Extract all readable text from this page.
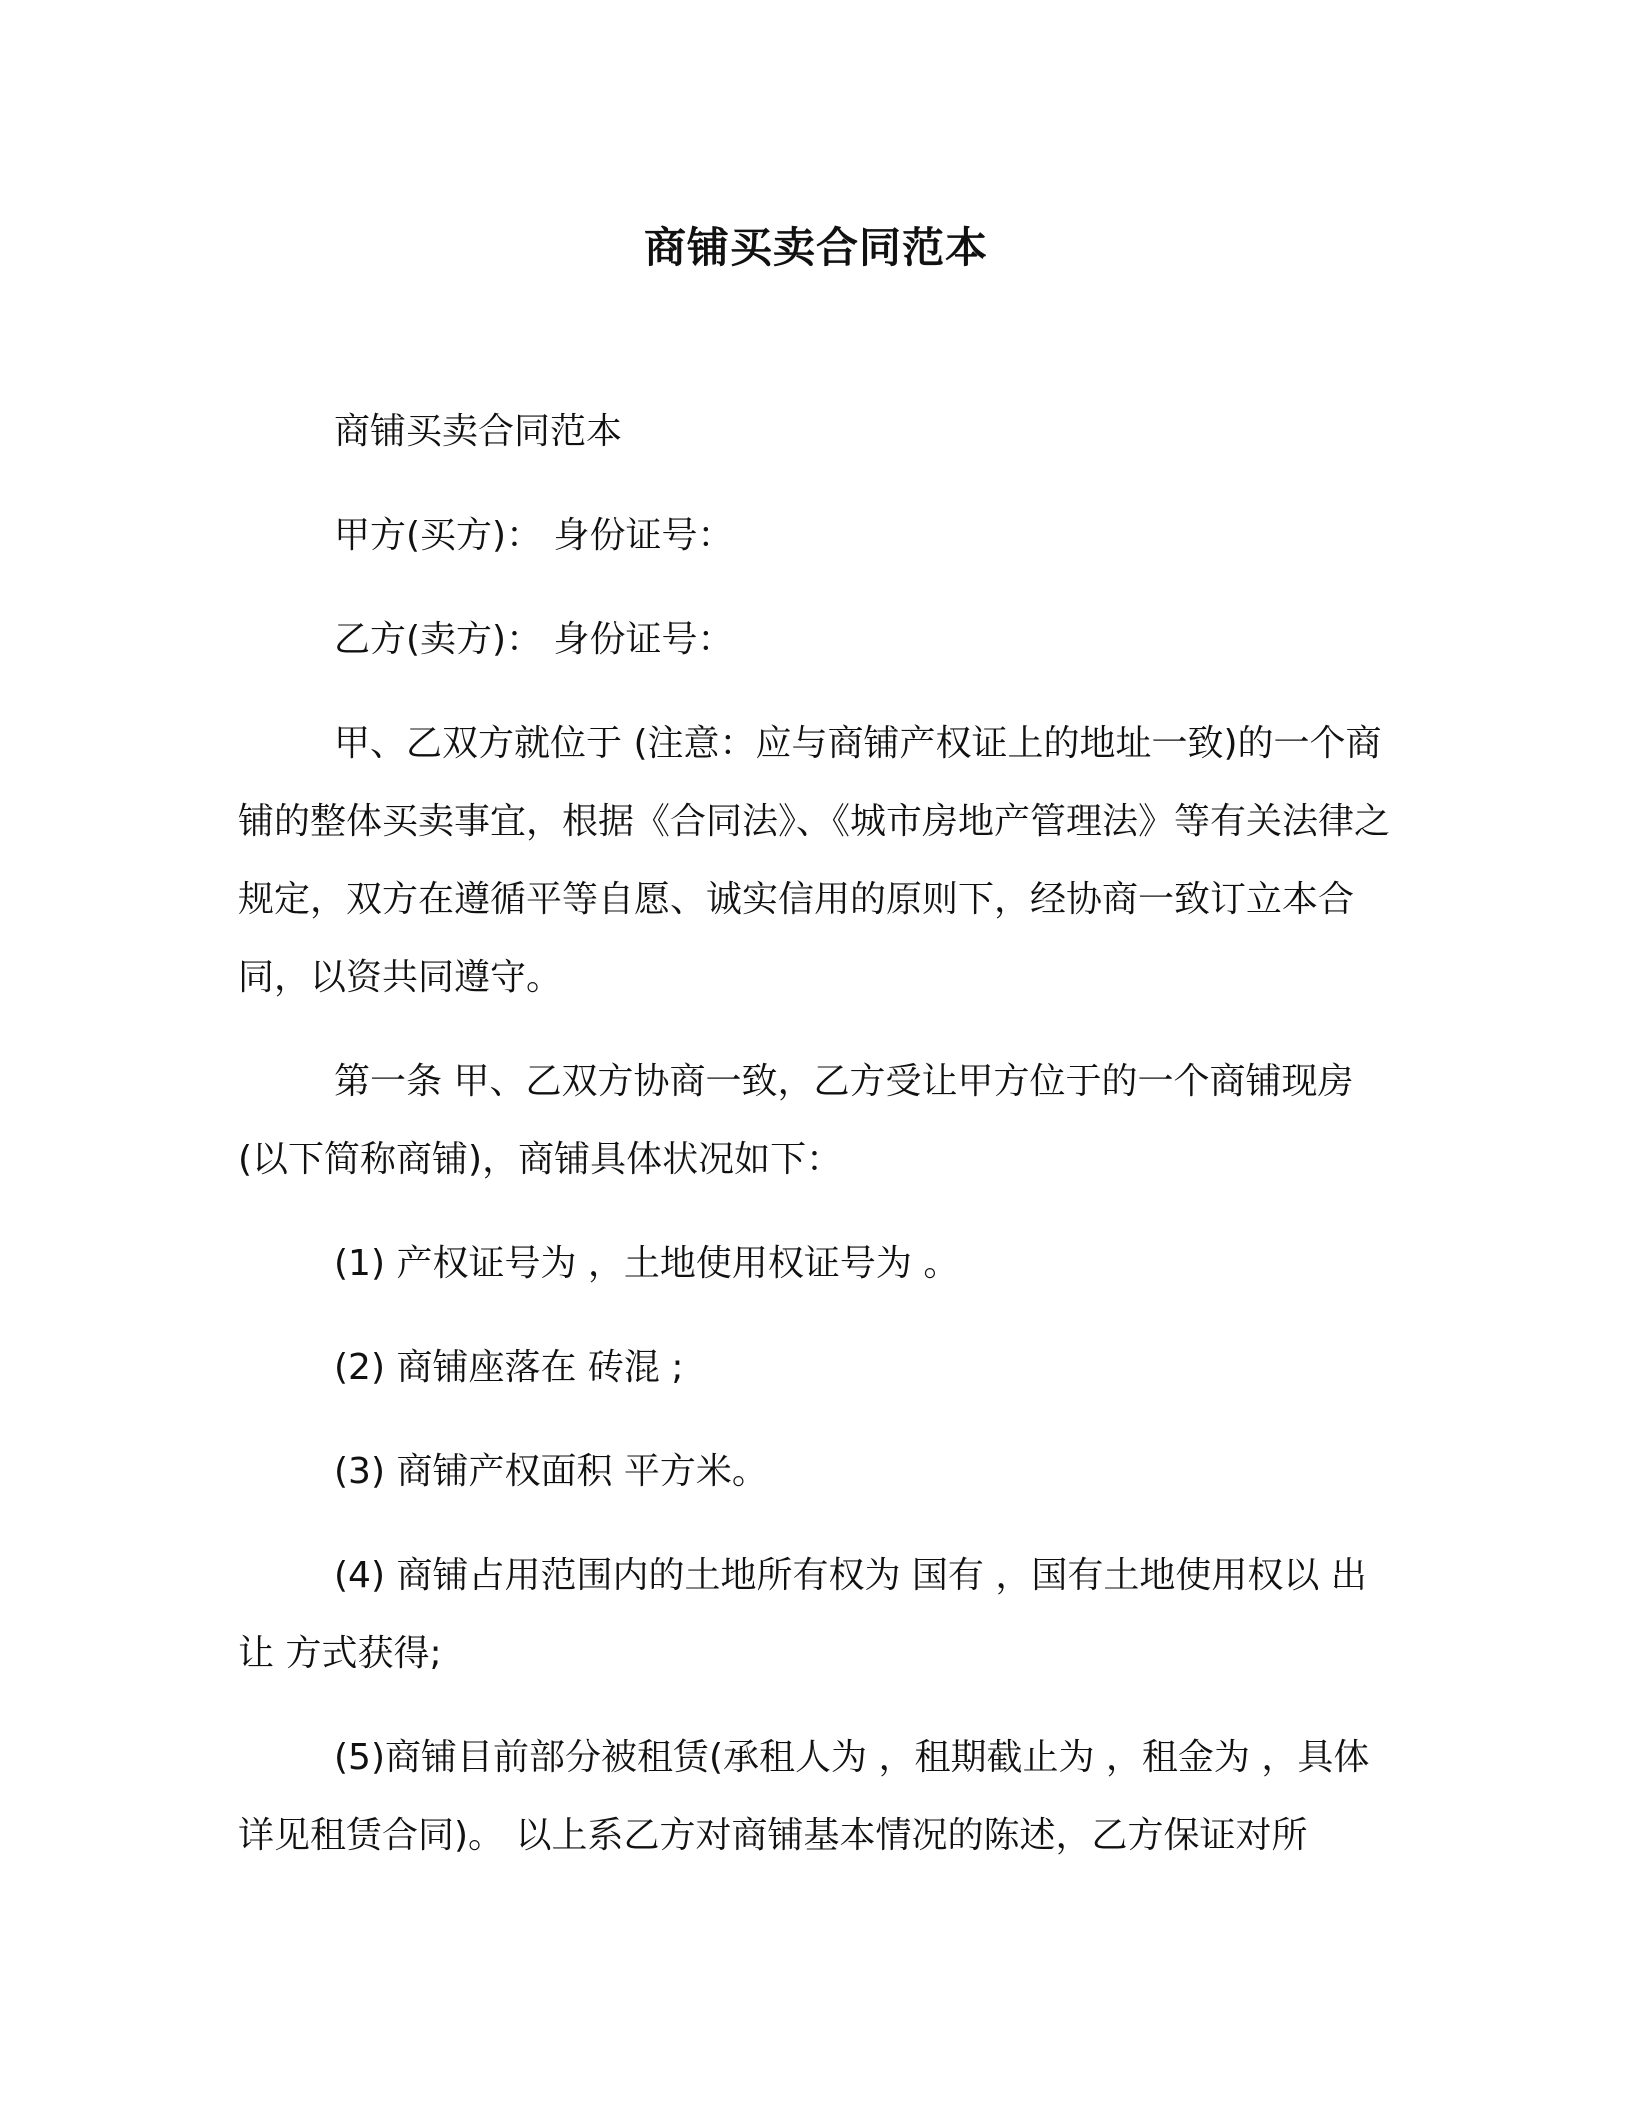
商铺买卖合同范本

商铺买卖合同范本

甲方(买方)： 身份证号：

乙方(卖方)： 身份证号：

甲、乙双方就位于 (注意：应与商铺产权证上的地址一致)的一个商铺的整体买卖事宜，根据《合同法》、《城市房地产管理法》等有关法律之规定，双方在遵循平等自愿、诚实信用的原则下，经协商一致订立本合同，以资共同遵守。

第一条 甲、乙双方协商一致，乙方受让甲方位于的一个商铺现房(以下简称商铺)，商铺具体状况如下：

(1) 产权证号为 ，土地使用权证号为 。

(2) 商铺座落在 砖混 ;

(3) 商铺产权面积 平方米。

(4) 商铺占用范围内的土地所有权为 国有 ，国有土地使用权以 出让 方式获得;

(5)商铺目前部分被租赁(承租人为 ，租期截止为 ，租金为 ，具体详见租赁合同)。 以上系乙方对商铺基本情况的陈述，乙方保证对所
